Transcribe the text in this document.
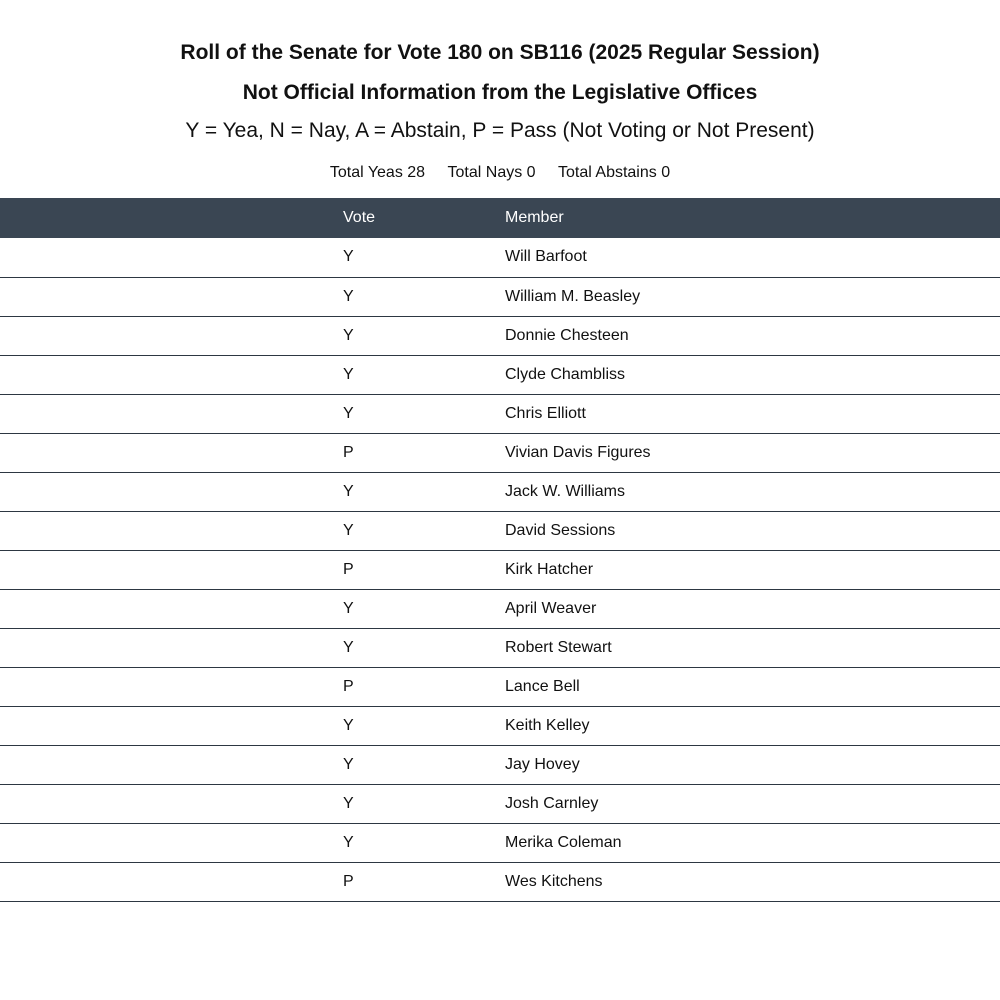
Roll of the Senate for Vote 180 on SB116 (2025 Regular Session)
Not Official Information from the Legislative Offices
Y = Yea, N = Nay, A = Abstain, P = Pass (Not Voting or Not Present)
Total Yeas 28 Total Nays 0 Total Abstains 0
	Vote	Member
	Y	Will Barfoot
	Y	William M. Beasley
	Y	Donnie Chesteen
	Y	Clyde Chambliss
	Y	Chris Elliott
	P	Vivian Davis Figures
	Y	Jack W. Williams
	Y	David Sessions
	P	Kirk Hatcher
	Y	April Weaver
	Y	Robert Stewart
	P	Lance Bell
	Y	Keith Kelley
	Y	Jay Hovey
	Y	Josh Carnley
	Y	Merika Coleman
	P	Wes Kitchens
